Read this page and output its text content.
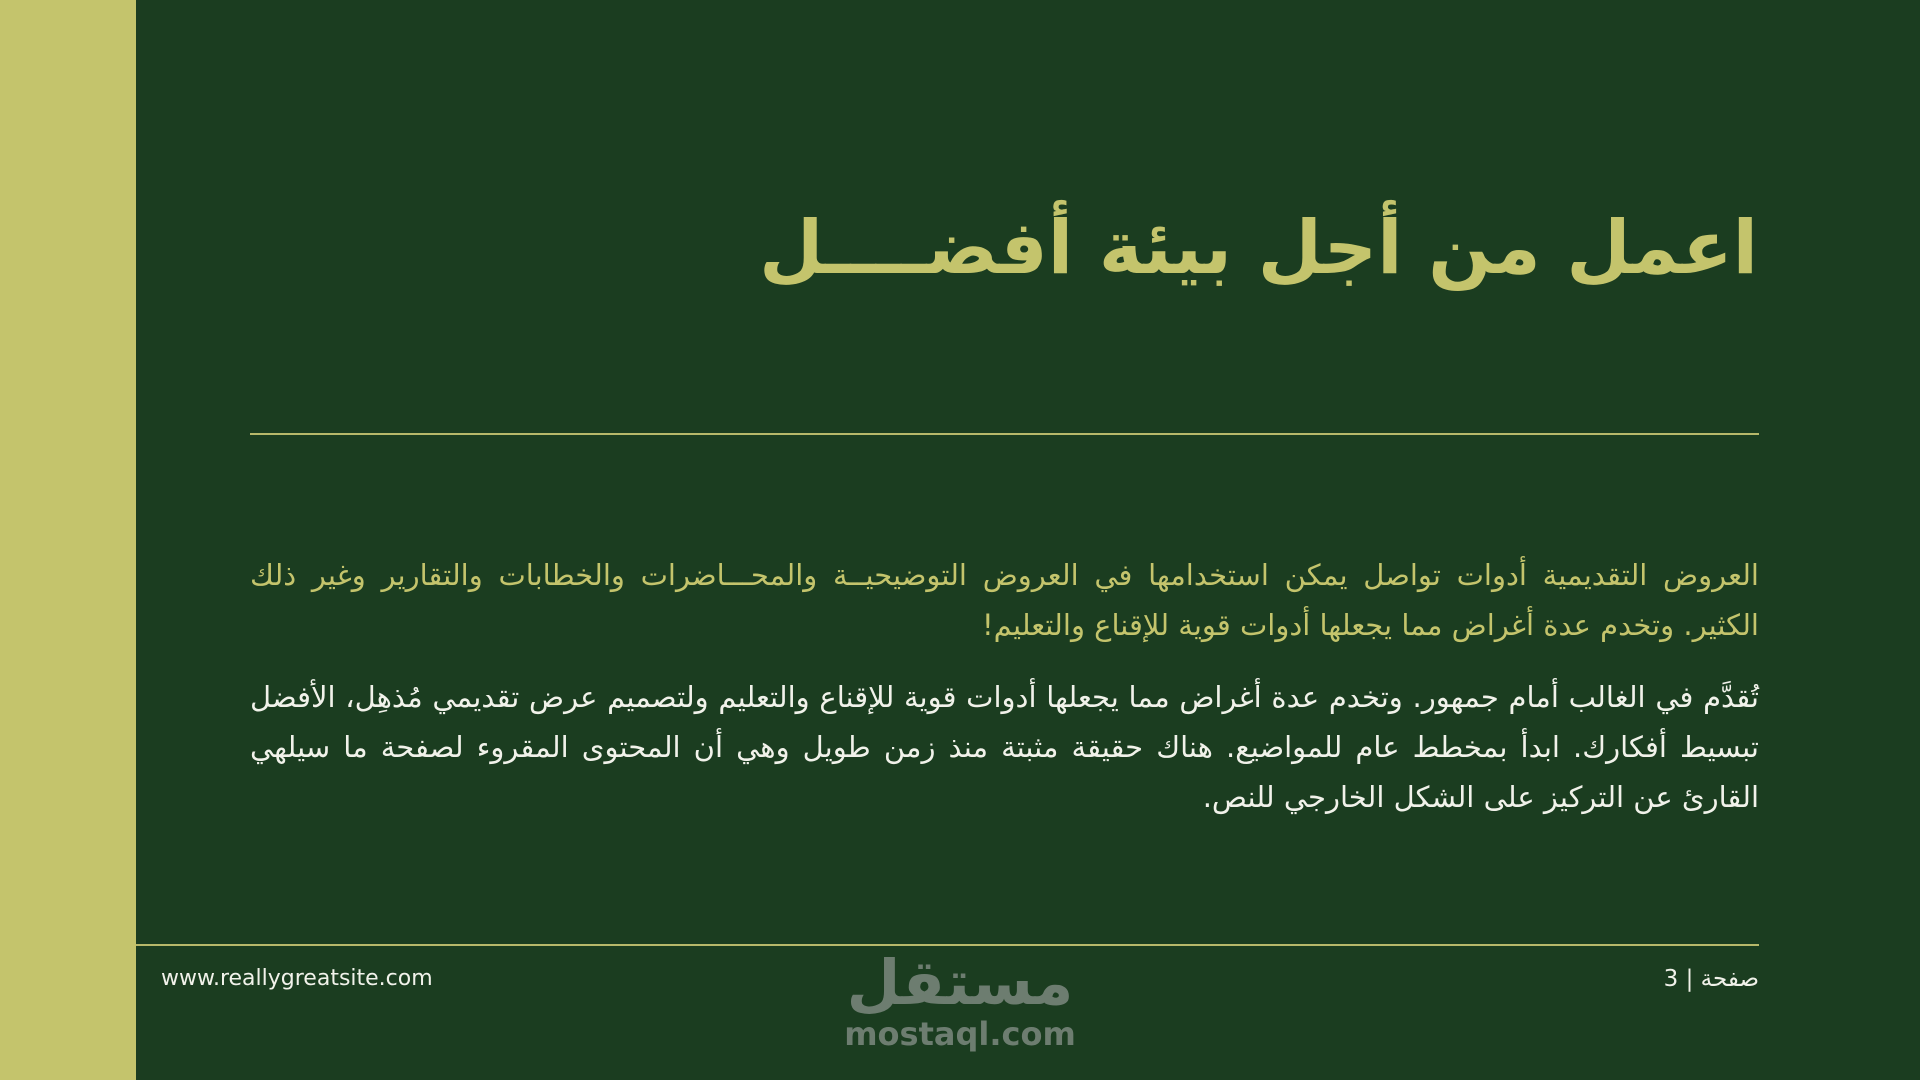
اعمل من أجل بيئة أفضــــل

العروض التقديمية أدوات تواصل يمكن استخدامها في العروض التوضيحيــة والمحـــاضرات والخطابات والتقارير وغير ذلك الكثير. وتخدم عدة أغراض مما يجعلها أدوات قوية للإقناع والتعليم!

تُقدَّم في الغالب أمام جمهور. وتخدم عدة أغراض مما يجعلها أدوات قوية للإقناع والتعليم ولتصميم عرض تقديمي مُذهِل، الأفضل تبسيط أفكارك. ابدأ بمخطط عام للمواضيع. هناك حقيقة مثبتة منذ زمن طويل وهي أن المحتوى المقروء لصفحة ما سيلهي القارئ عن التركيز على الشكل الخارجي للنص.

www.reallygreatsite.com	مستقل
mostaql.com
صفحة | 3
